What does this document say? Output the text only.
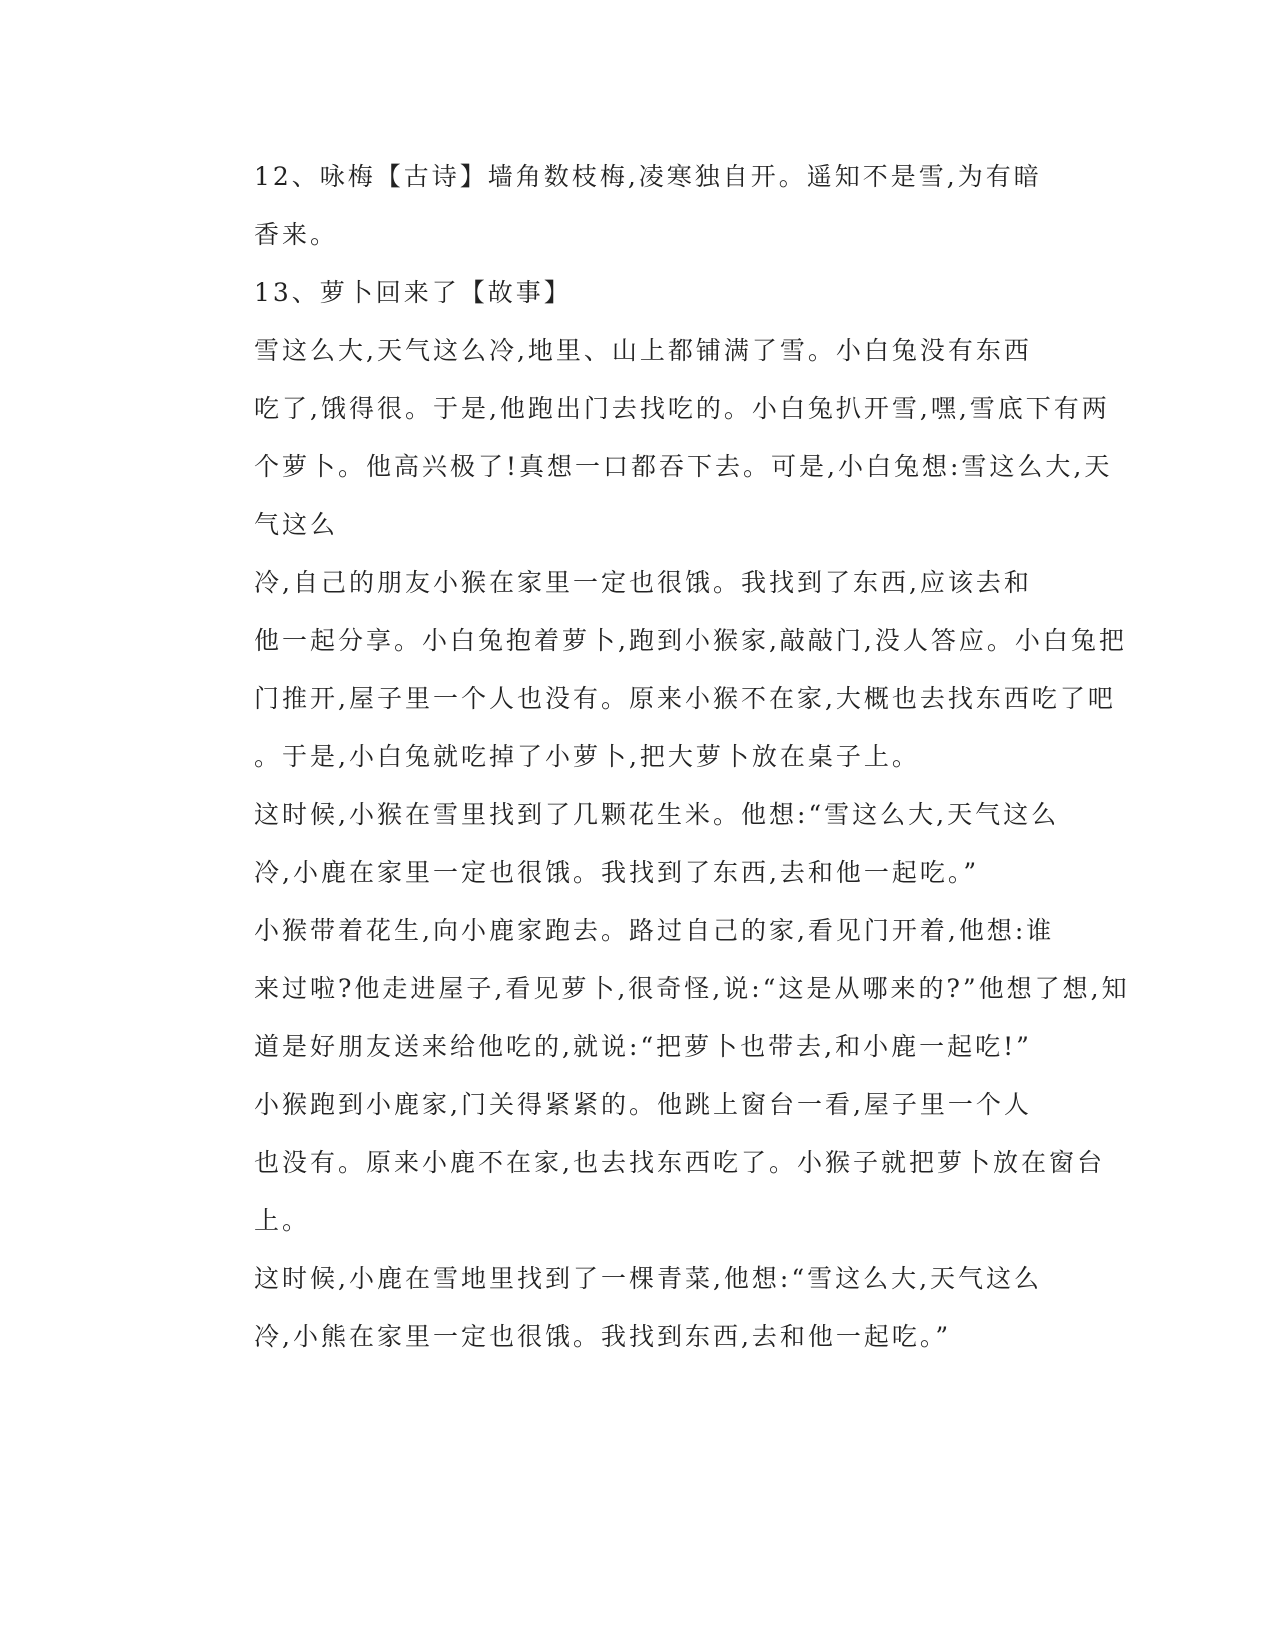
12、咏梅【古诗】墙角数枝梅,凌寒独自开。遥知不是雪,为有暗
香来。

13、萝卜回来了【故事】

雪这么大,天气这么冷,地里、山上都铺满了雪。小白兔没有东西
吃了,饿得很。于是,他跑出门去找吃的。小白兔扒开雪,嘿,雪底下有两
个萝卜。他高兴极了!真想一口都吞下去。可是,小白兔想:雪这么大,天
气这么

冷,自己的朋友小猴在家里一定也很饿。我找到了东西,应该去和
他一起分享。小白兔抱着萝卜,跑到小猴家,敲敲门,没人答应。小白兔把
门推开,屋子里一个人也没有。原来小猴不在家,大概也去找东西吃了吧
。于是,小白兔就吃掉了小萝卜,把大萝卜放在桌子上。

这时候,小猴在雪里找到了几颗花生米。他想:“雪这么大,天气这么
冷,小鹿在家里一定也很饿。我找到了东西,去和他一起吃。”

小猴带着花生,向小鹿家跑去。路过自己的家,看见门开着,他想:谁
来过啦?他走进屋子,看见萝卜,很奇怪,说:“这是从哪来的?”他想了想,知
道是好朋友送来给他吃的,就说:“把萝卜也带去,和小鹿一起吃!”

小猴跑到小鹿家,门关得紧紧的。他跳上窗台一看,屋子里一个人
也没有。原来小鹿不在家,也去找东西吃了。小猴子就把萝卜放在窗台
上。

这时候,小鹿在雪地里找到了一棵青菜,他想:“雪这么大,天气这么
冷,小熊在家里一定也很饿。我找到东西,去和他一起吃。”
